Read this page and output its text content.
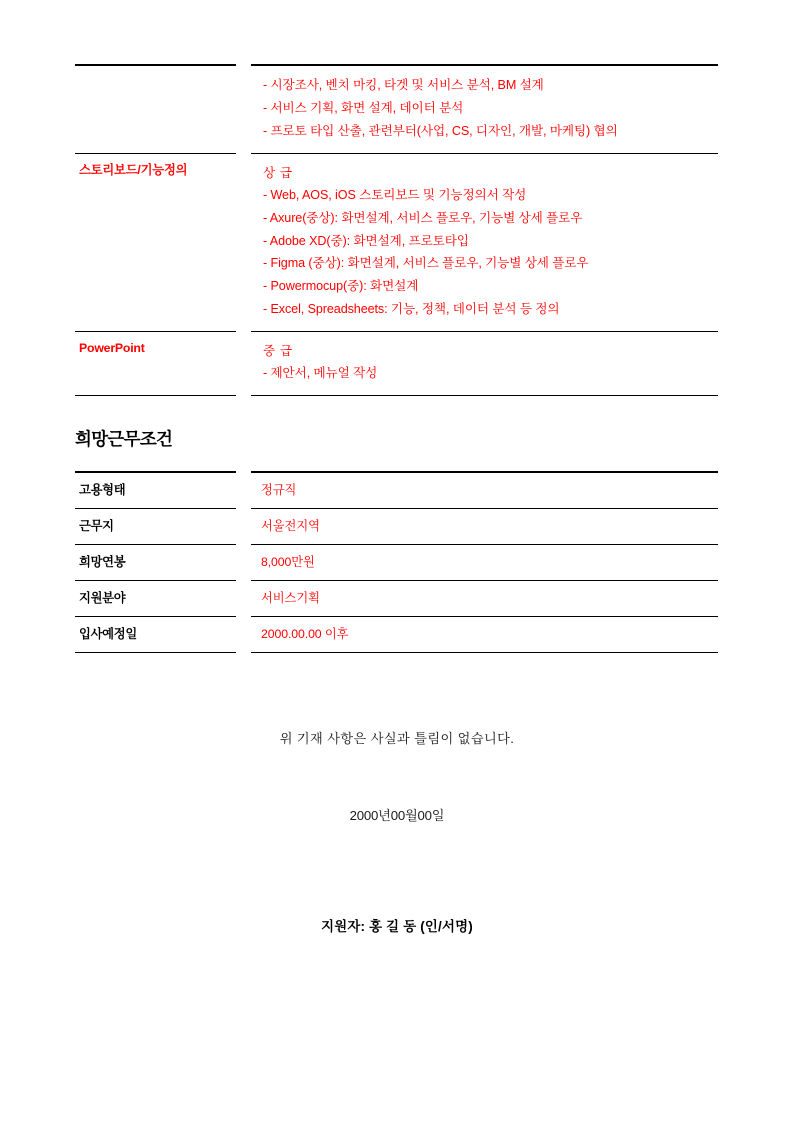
		- 시장조사, 벤치 마킹, 타겟 및 서비스 분석, BM 설계
- 서비스 기획, 화면 설계, 데이터 분석
- 프로토 타입 산출, 관련부터(사업, CS, 디자인, 개발, 마케팅) 협의

스토리보드/기능정의		상 급
- Web, AOS, iOS 스토리보드 및 기능정의서 작성
- Axure(중상): 화면설계, 서비스 플로우, 기능별 상세 플로우
- Adobe XD(중): 화면설계, 프로토타입
- Figma (중상): 화면설계, 서비스 플로우, 기능별 상세 플로우
- Powermocup(중): 화면설계
- Excel, Spreadsheets: 기능, 정책, 데이터 분석 등 정의

PowerPoint		중 급
- 제안서, 메뉴얼 작성
희망근무조건
고용형태		정규직

근무지		서울전지역

희망연봉		8,000만원

지원분야		서비스기획

입사예정일		2000.00.00 이후
위 기재 사항은 사실과 틀림이 없습니다.
2000년00월00일
지원자: 홍 길 동 (인/서명)
